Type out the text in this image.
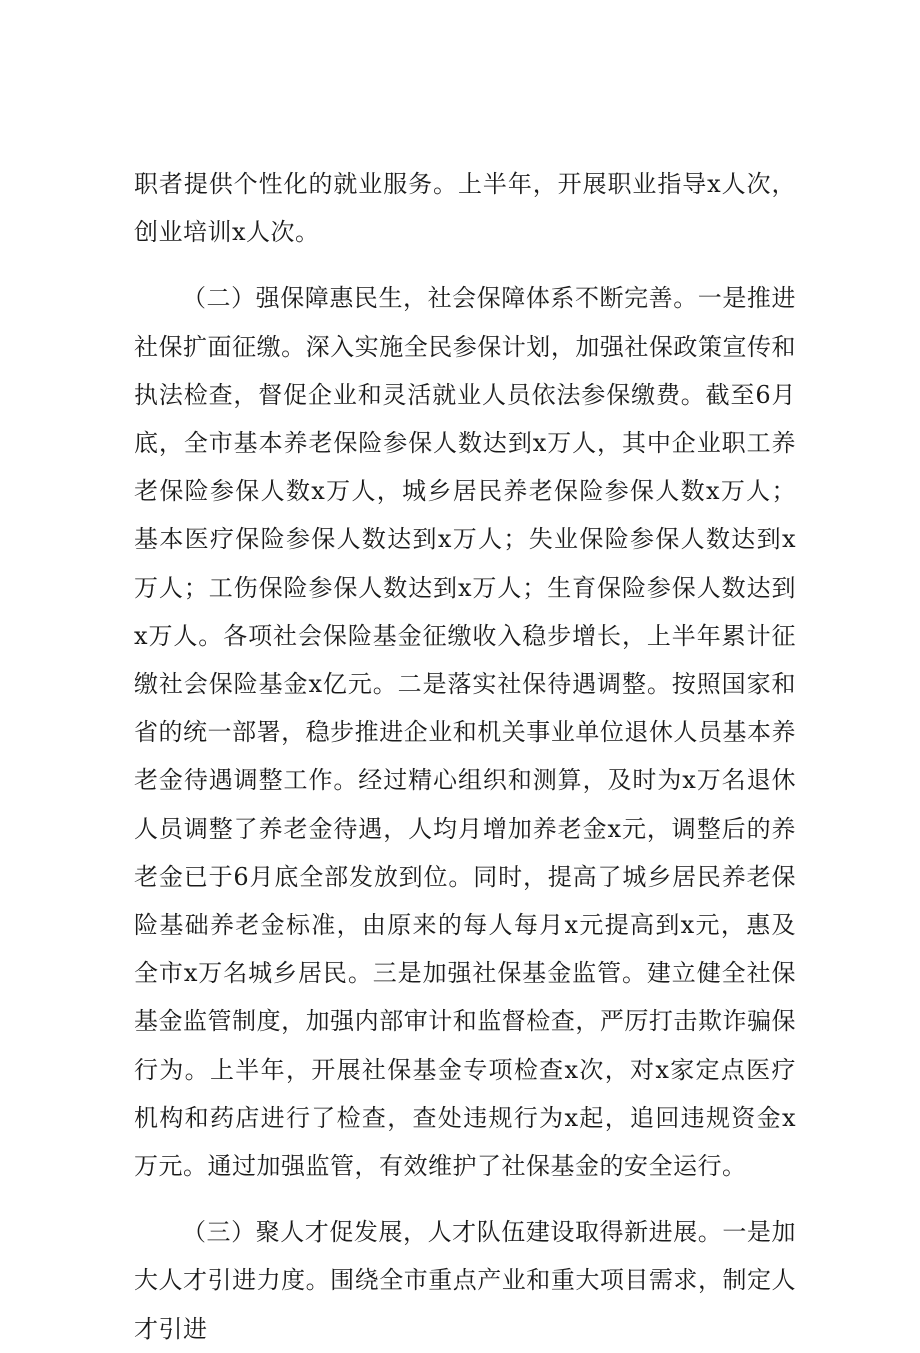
职者提供个性化的就业服务。上半年，开展职业指导x人次，创业培训x人次。

（二）强保障惠民生，社会保障体系不断完善。一是推进社保扩面征缴。深入实施全民参保计划，加强社保政策宣传和执法检查，督促企业和灵活就业人员依法参保缴费。截至6月底，全市基本养老保险参保人数达到x万人，其中企业职工养老保险参保人数x万人，城乡居民养老保险参保人数x万人；基本医疗保险参保人数达到x万人；失业保险参保人数达到x万人；工伤保险参保人数达到x万人；生育保险参保人数达到x万人。各项社会保险基金征缴收入稳步增长，上半年累计征缴社会保险基金x亿元。二是落实社保待遇调整。按照国家和省的统一部署，稳步推进企业和机关事业单位退休人员基本养老金待遇调整工作。经过精心组织和测算，及时为x万名退休人员调整了养老金待遇，人均月增加养老金x元，调整后的养老金已于6月底全部发放到位。同时，提高了城乡居民养老保险基础养老金标准，由原来的每人每月x元提高到x元，惠及全市x万名城乡居民。三是加强社保基金监管。建立健全社保基金监管制度，加强内部审计和监督检查，严厉打击欺诈骗保行为。上半年，开展社保基金专项检查x次，对x家定点医疗机构和药店进行了检查，查处违规行为x起，追回违规资金x万元。通过加强监管，有效维护了社保基金的安全运行。

（三）聚人才促发展，人才队伍建设取得新进展。一是加大人才引进力度。围绕全市重点产业和重大项目需求，制定人才引进
